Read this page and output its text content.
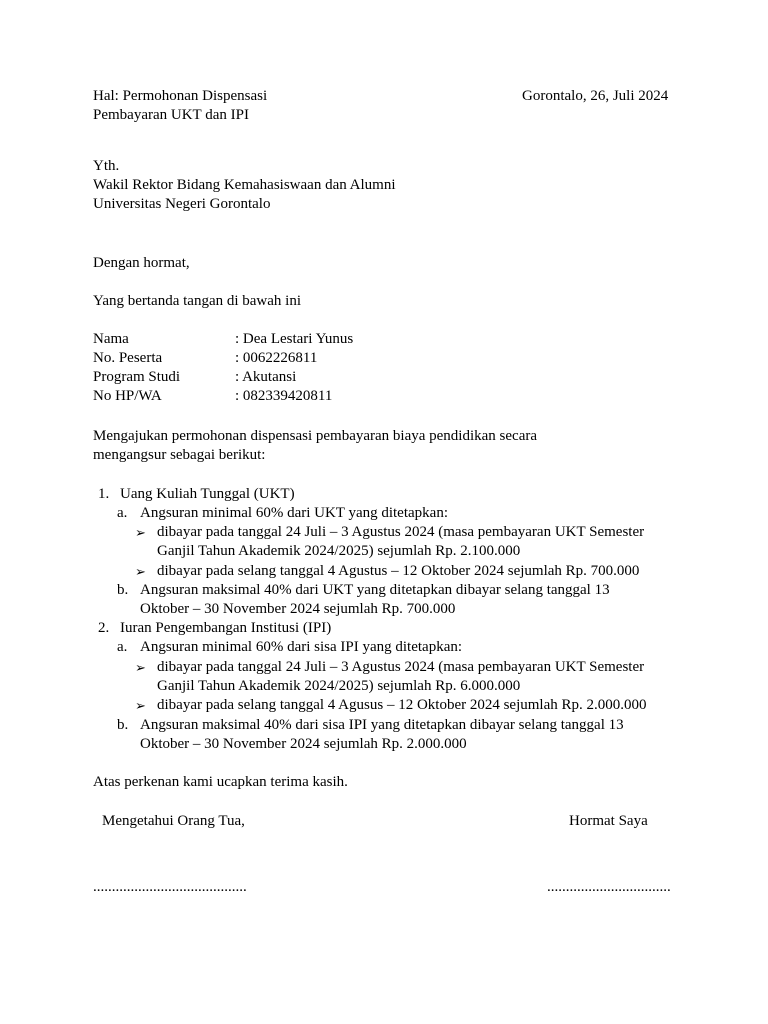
Hal: Permohonan Dispensasi	Gorontalo, 26, Juli 2024
Pembayaran UKT dan IPI
Yth.
Wakil Rektor Bidang Kemahasiswaan dan Alumni
Universitas Negeri Gorontalo
Dengan hormat,
Yang bertanda tangan di bawah ini
Nama	: Dea Lestari Yunus
No. Peserta	: 0062226811
Program Studi	: Akutansi
No HP/WA	: 082339420811
Mengajukan permohonan dispensasi pembayaran biaya pendidikan secara
mengangsur sebagai berikut:
1. Uang Kuliah Tunggal (UKT)
a. Angsuran minimal 60% dari UKT yang ditetapkan:
➢ dibayar pada tanggal 24 Juli – 3 Agustus 2024 (masa pembayaran UKT Semester
Ganjil Tahun Akademik 2024/2025) sejumlah Rp. 2.100.000
➢ dibayar pada selang tanggal 4 Agustus – 12 Oktober 2024 sejumlah Rp. 700.000
b. Angsuran maksimal 40% dari UKT yang ditetapkan dibayar selang tanggal 13
Oktober – 30 November 2024 sejumlah Rp. 700.000
2. Iuran Pengembangan Institusi (IPI)
a. Angsuran minimal 60% dari sisa IPI yang ditetapkan:
➢ dibayar pada tanggal 24 Juli – 3 Agustus 2024 (masa pembayaran UKT Semester
Ganjil Tahun Akademik 2024/2025) sejumlah Rp. 6.000.000
➢ dibayar pada selang tanggal 4 Agusus – 12 Oktober 2024 sejumlah Rp. 2.000.000
b. Angsuran maksimal 40% dari sisa IPI yang ditetapkan dibayar selang tanggal 13
Oktober – 30 November 2024 sejumlah Rp. 2.000.000
Atas perkenan kami ucapkan terima kasih.
Mengetahui Orang Tua,	Hormat Saya
.........................................	.................................
